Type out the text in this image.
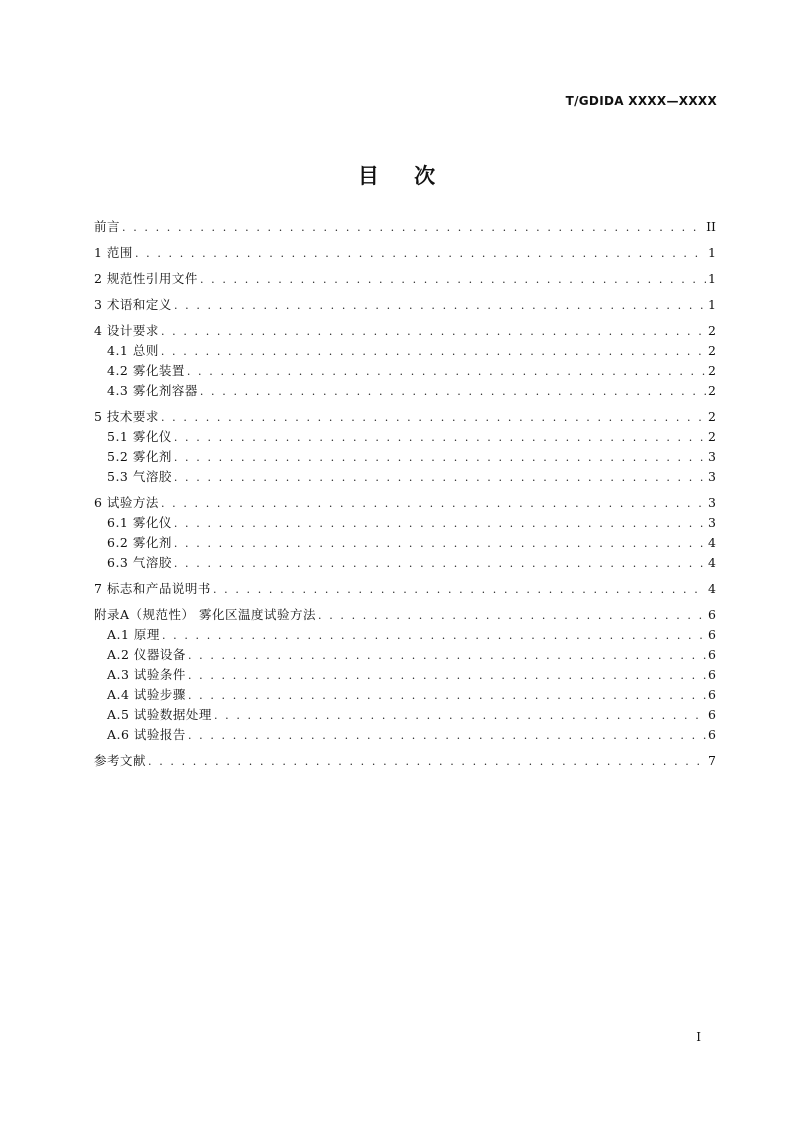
T/GDIDA XXXX—XXXX
目 次
前言 . . .	II
1 范围 . . .	1
2 规范性引用文件 . . .	1
3 术语和定义 . . .	1
4 设计要求 . . .	2
4.1 总则 . . .	2
4.2 雾化装置 . . .	2
4.3 雾化剂容器 . . .	2
5 技术要求 . . .	2
5.1 雾化仪 . . .	2
5.2 雾化剂 . . .	3
5.3 气溶胶 . . .	3
6 试验方法 . . .	3
6.1 雾化仪 . . .	3
6.2 雾化剂 . . .	4
6.3 气溶胶 . . .	4
7 标志和产品说明书 . . .	4
附录A（规范性） 雾化区温度试验方法 . . .	6
A.1 原理 . . .	6
A.2 仪器设备 . . .	6
A.3 试验条件 . . .	6
A.4 试验步骤 . . .	6
A.5 试验数据处理 . . .	6
A.6 试验报告 . . .	6
参考文献 . . .	7
I
